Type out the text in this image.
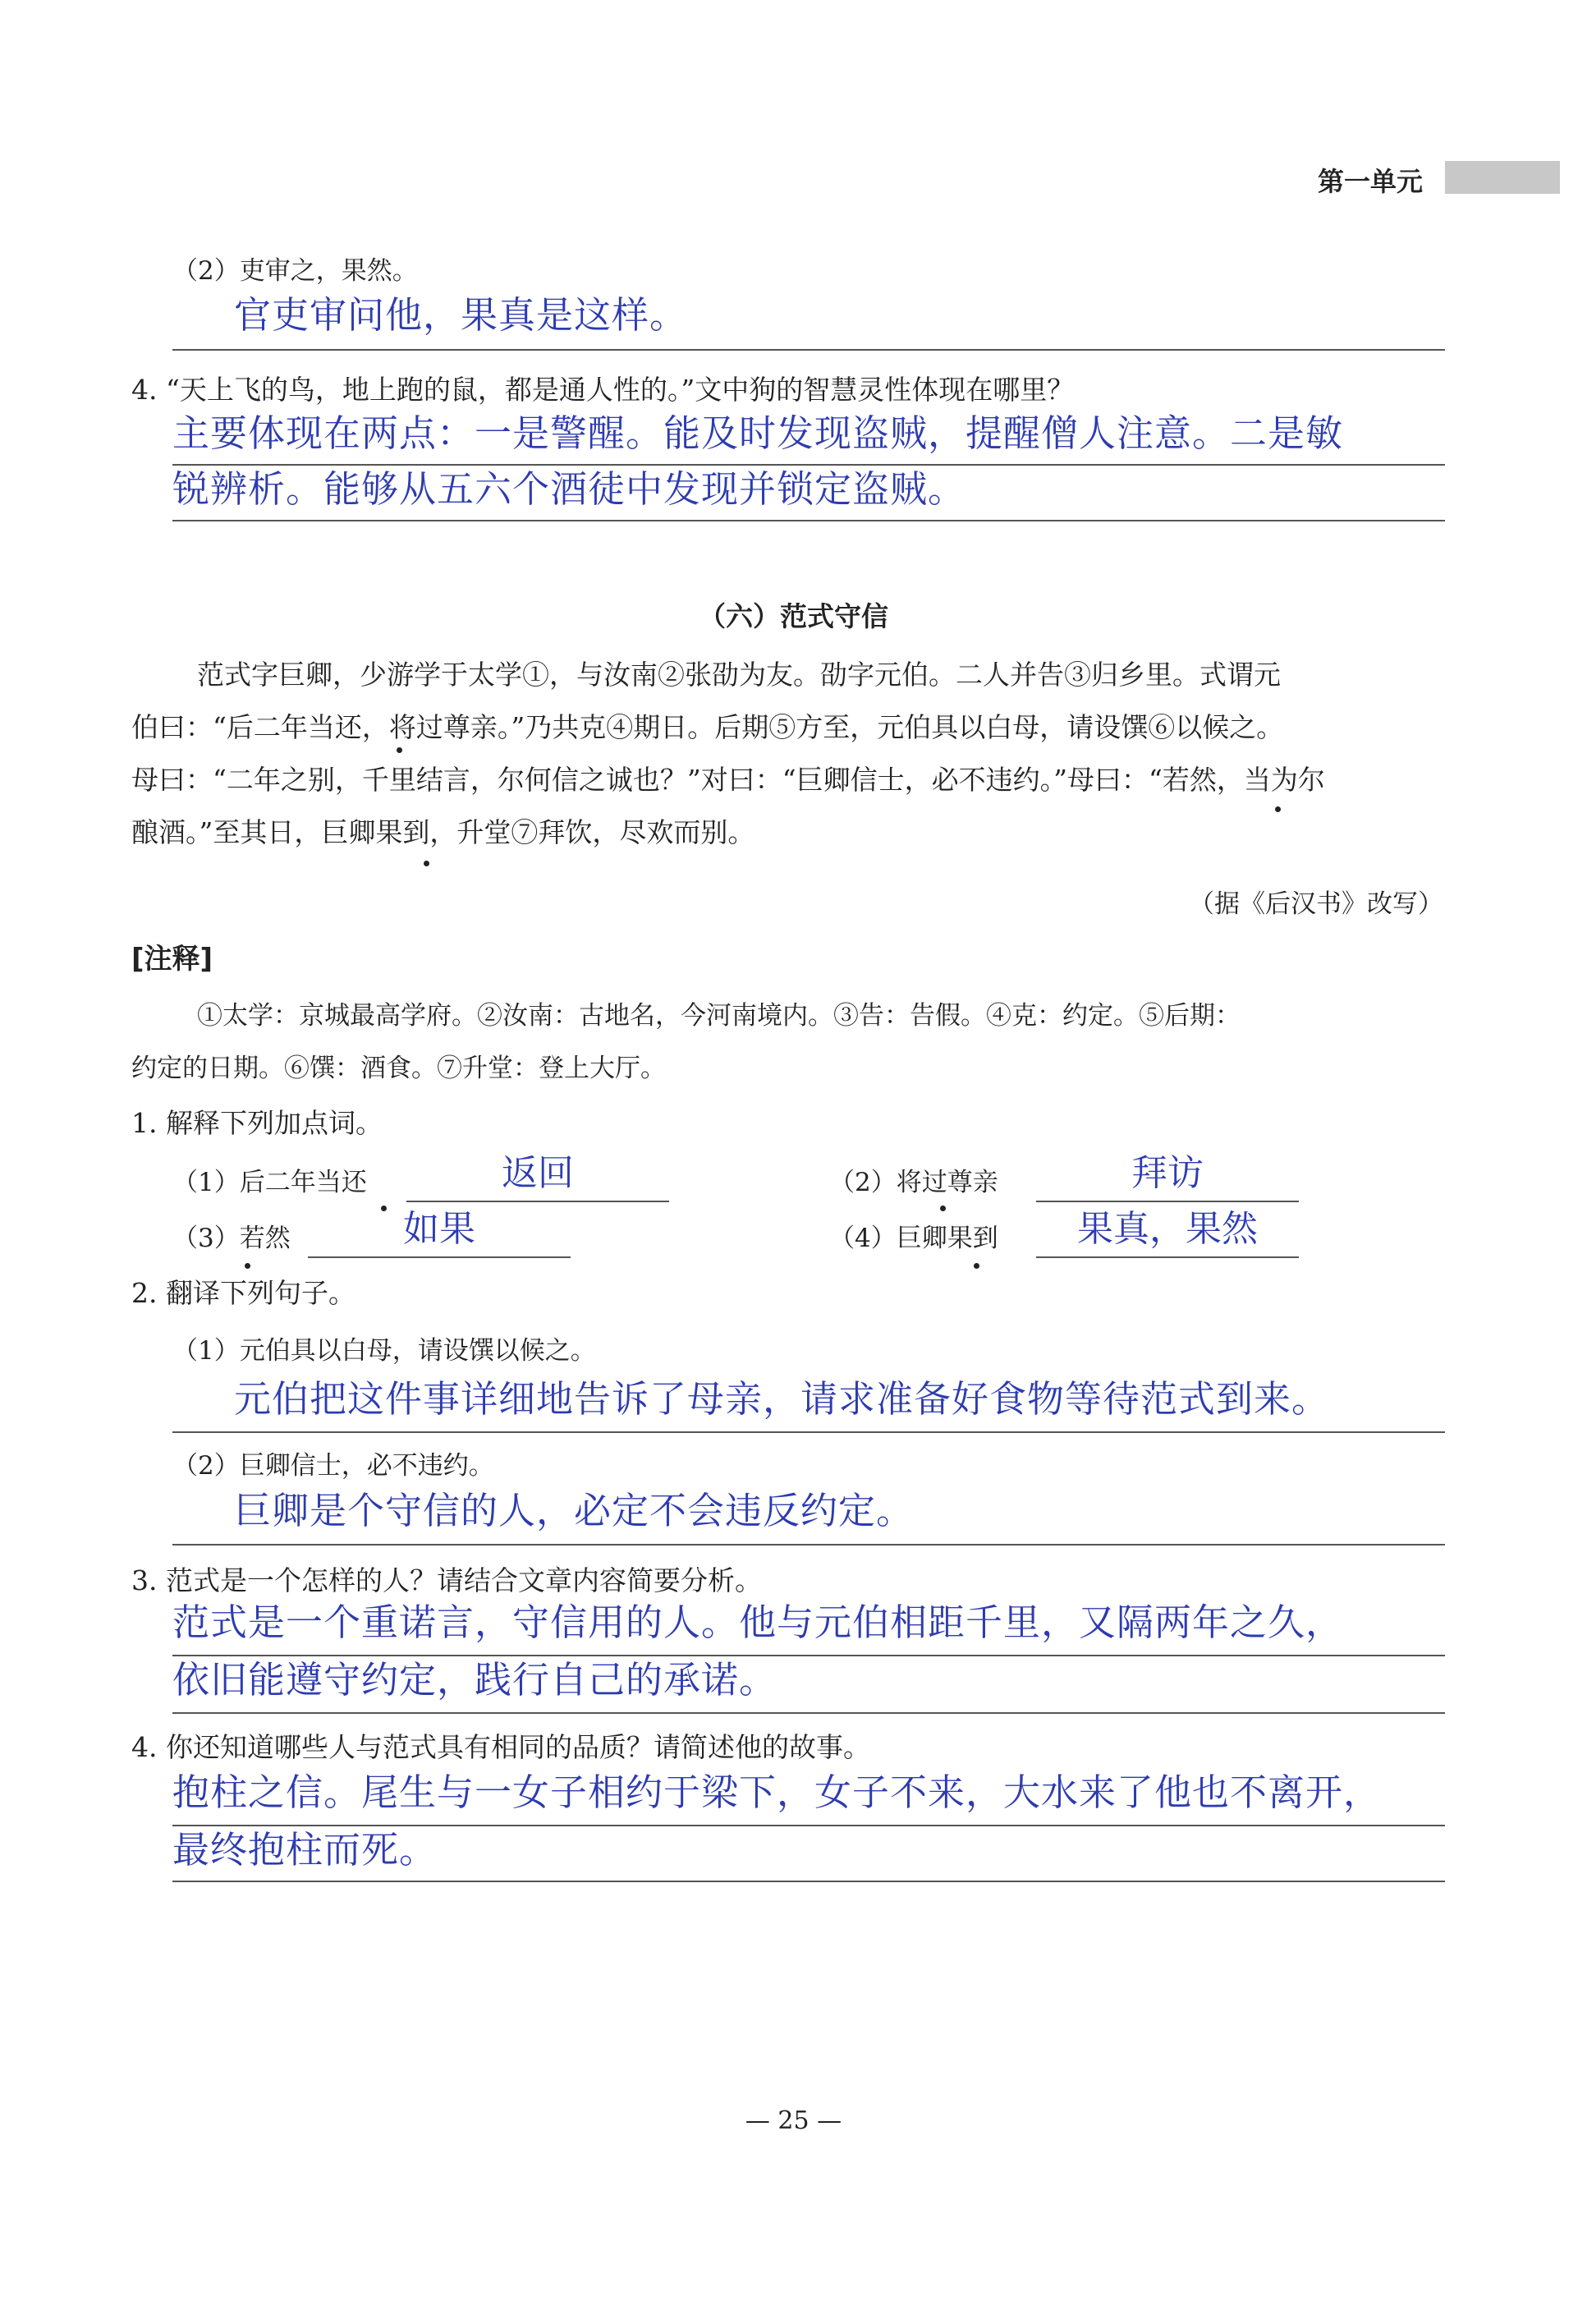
第一单元
（2）吏审之，果然。
官吏审问他，果真是这样。
4. “天上飞的鸟，地上跑的鼠，都是通人性的。”文中狗的智慧灵性体现在哪里？
主要体现在两点：一是警醒。能及时发现盗贼，提醒僧人注意。二是敏
锐辨析。能够从五六个酒徒中发现并锁定盗贼。
（六）范式守信

范式字巨卿，少游学于太学①，与汝南②张劭为友。劭字元伯。二人并告③归乡里。式谓元

伯曰：“后二年当还，将过尊亲。”乃共克④期日。后期⑤方至，元伯具以白母，请设馔⑥以候之。

母曰：“二年之别，千里结言，尔何信之诚也？”对曰：“巨卿信士，必不违约。”母曰：“若然，当为尔

酿酒。”至其日，巨卿果到，升堂⑦拜饮，尽欢而别。

（据《后汉书》改写）
[注释]

①太学：京城最高学府。②汝南：古地名，今河南境内。③告：告假。④克：约定。⑤后期：

约定的日期。⑥馔：酒食。⑦升堂：登上大厅。

1. 解释下列加点词。
（1）后二年当还	返回	（2）将过尊亲	拜访
（3）若然	如果	（4）巨卿果到	果真，果然
2. 翻译下列句子。
（1）元伯具以白母，请设馔以候之。
元伯把这件事详细地告诉了母亲，请求准备好食物等待范式到来。
（2）巨卿信士，必不违约。
巨卿是个守信的人，必定不会违反约定。
3. 范式是一个怎样的人？请结合文章内容简要分析。
范式是一个重诺言，守信用的人。他与元伯相距千里，又隔两年之久，
依旧能遵守约定，践行自己的承诺。
4. 你还知道哪些人与范式具有相同的品质？请简述他的故事。
抱柱之信。尾生与一女子相约于梁下，女子不来，大水来了他也不离开，
最终抱柱而死。
— 25 —
